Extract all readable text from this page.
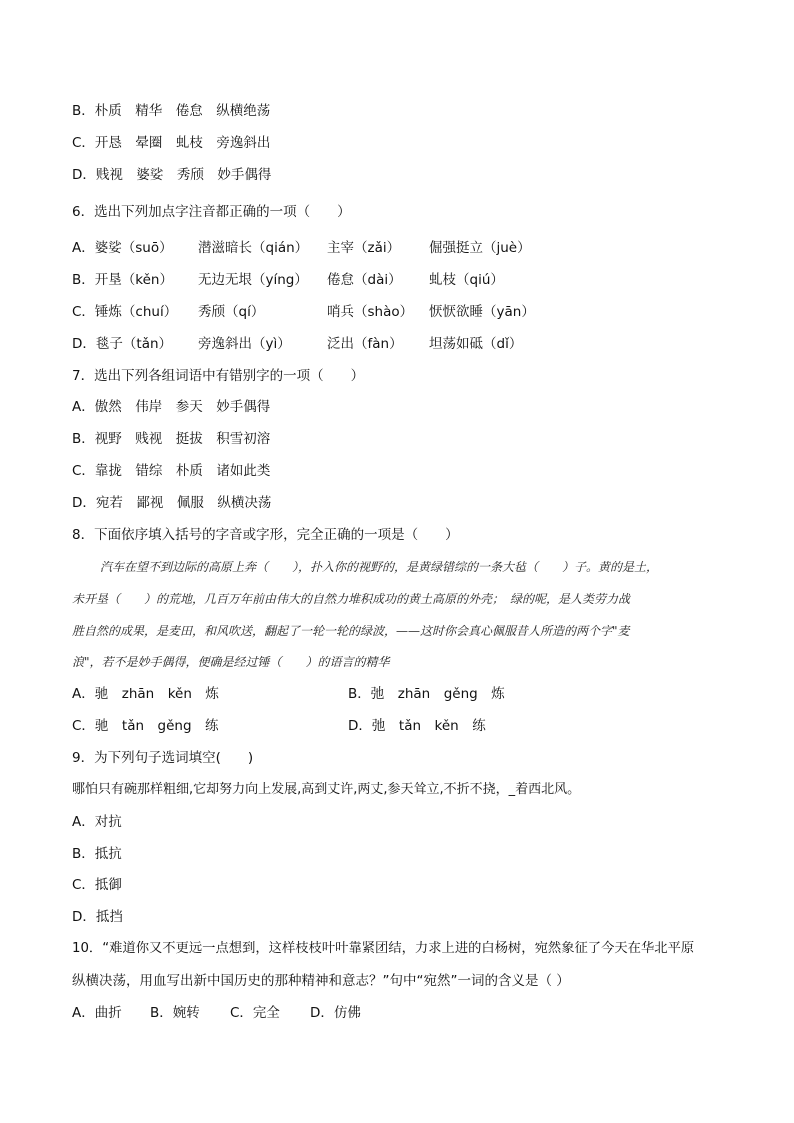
B．朴质　精华　倦怠　纵横绝荡
C．开恳　晕圈　虬枝　旁逸斜出
D．贱视　婆娑　秀颀　妙手偶得
6．选出下列加点字注音都正确的一项（　　）
A．婆娑（suō） 潜滋暗长（qián） 主宰（zǎi） 倔强挺立（juè）
B．开垦（kěn） 无边无垠（yíng） 倦怠（dài） 虬枝（qiú）
C．锤炼（chuí） 秀颀（qí）	哨兵（shào） 恹恹欲睡（yān）
D．毯子（tǎn） 旁逸斜出（yì）	泛出（fàn） 坦荡如砥（dǐ）
7．选出下列各组词语中有错别字的一项（　　）
A．傲然　伟岸　参天　妙手偶得
B．视野　贱视　挺拔　积雪初溶
C．靠拢　错综　朴质　诸如此类
D．宛若　鄙视　佩服　纵横决荡
8．下面依序填入括号的字音或字形，完全正确的一项是（　　）
汽车在望不到边际的高原上奔（　　），扑入你的视野的，是黄绿错综的一条大毡（　　）子。黄的是土，
未开垦（　　）的荒地，几百万年前由伟大的自然力堆积成功的黄土高原的外壳；　绿的呢，是人类劳力战
胜自然的成果，是麦田，和风吹送，翻起了一轮一轮的绿波，——这时你会真心佩服昔人所造的两个字"麦
浪"，若不是妙手偶得，便确是经过锤（　　）的语言的精华
A．驰　zhān　kěn　炼	B．弛　zhān　gěng　炼
C．驰　tǎn　gěng　练	D．弛　tǎn　kěn　练
9．为下列句子选词填空(　　)
哪怕只有碗那样粗细,它却努力向上发展,高到丈许,两丈,参天耸立,不折不挠，_着西北风。
A．对抗
B．抵抗
C．抵御
D．抵挡
10．“难道你又不更远一点想到，这样枝枝叶叶靠紧团结，力求上进的白杨树，宛然象征了今天在华北平原
纵横决荡，用血写出新中国历史的那种精神和意志？”句中“宛然”一词的含义是（ ）
A．曲折 B．婉转 C．完全 D．仿佛
